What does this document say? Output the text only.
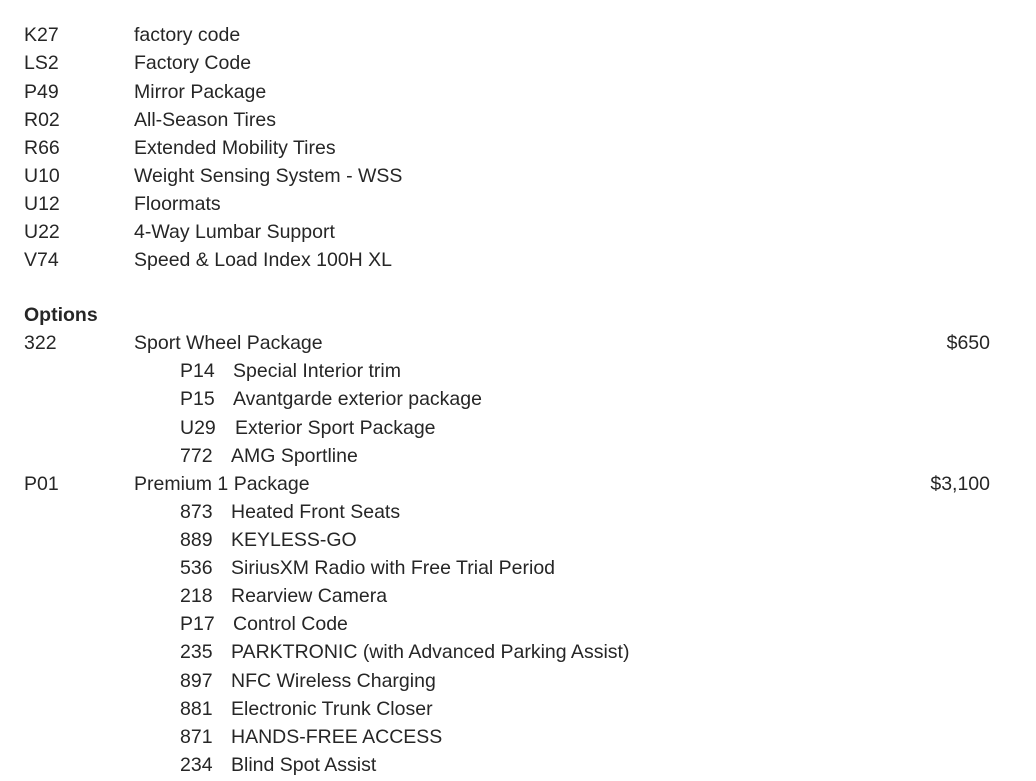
K27	factory code
LS2	Factory Code
P49	Mirror Package
R02	All-Season Tires
R66	Extended Mobility Tires
U10	Weight Sensing System - WSS
U12	Floormats
U22	4-Way Lumbar Support
V74	Speed & Load Index 100H XL
Options
322	Sport Wheel Package	$650
P14 Special Interior trim
P15 Avantgarde exterior package
U29 Exterior Sport Package
772 AMG Sportline
P01	Premium 1 Package	$3,100
873 Heated Front Seats
889 KEYLESS-GO
536 SiriusXM Radio with Free Trial Period
218 Rearview Camera
P17 Control Code
235 PARKTRONIC (with Advanced Parking Assist)
897 NFC Wireless Charging
881 Electronic Trunk Closer
871 HANDS-FREE ACCESS
234 Blind Spot Assist
